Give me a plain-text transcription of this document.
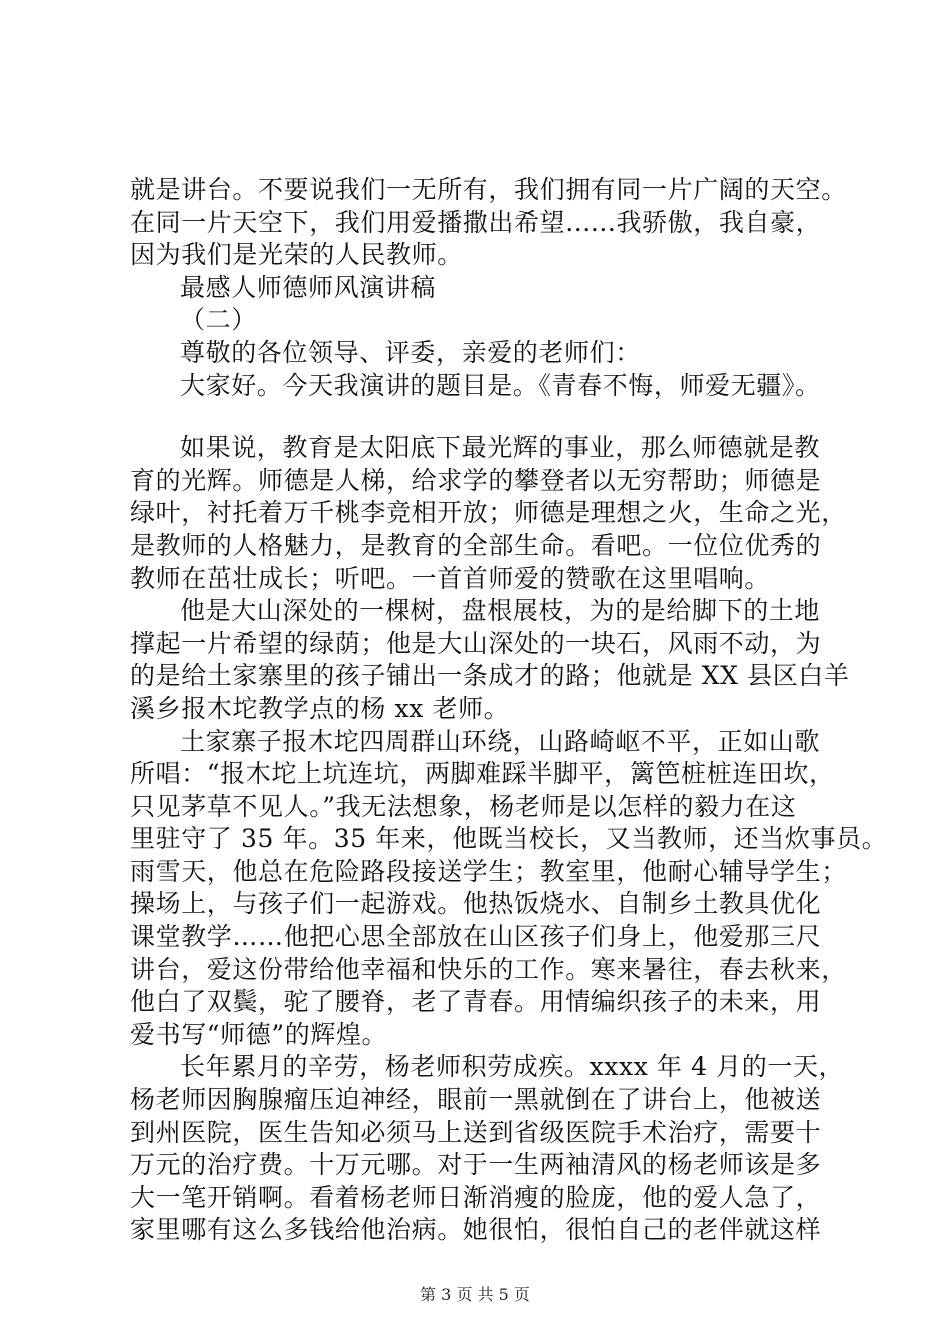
就是讲台。不要说我们一无所有，我们拥有同一片广阔的天空。
在同一片天空下，我们用爱播撒出希望......我骄傲，我自豪，
因为我们是光荣的人民教师。
最感人师德师风演讲稿
（二）
尊敬的各位领导、评委，亲爱的老师们：
大家好。今天我演讲的题目是。《青春不悔，师爱无疆》。
如果说，教育是太阳底下最光辉的事业，那么师德就是教
育的光辉。师德是人梯，给求学的攀登者以无穷帮助；师德是
绿叶，衬托着万千桃李竞相开放；师德是理想之火，生命之光，
是教师的人格魅力，是教育的全部生命。看吧。一位位优秀的
教师在茁壮成长；听吧。一首首师爱的赞歌在这里唱响。
他是大山深处的一棵树，盘根展枝，为的是给脚下的土地
撑起一片希望的绿荫；他是大山深处的一块石，风雨不动，为
的是给土家寨里的孩子铺出一条成才的路；他就是 XX 县区白羊
溪乡报木坨教学点的杨 xx 老师。
土家寨子报木坨四周群山环绕，山路崎岖不平，正如山歌
所唱：“报木坨上坑连坑，两脚难踩半脚平，篱笆桩桩连田坎，
只见茅草不见人。”我无法想象，杨老师是以怎样的毅力在这
里驻守了 35 年。35 年来，他既当校长，又当教师，还当炊事员。
雨雪天，他总在危险路段接送学生；教室里，他耐心辅导学生；
操场上，与孩子们一起游戏。他热饭烧水、自制乡土教具优化
课堂教学……他把心思全部放在山区孩子们身上，他爱那三尺
讲台，爱这份带给他幸福和快乐的工作。寒来暑往，春去秋来，
他白了双鬓，驼了腰脊，老了青春。用情编织孩子的未来，用
爱书写“师德”的辉煌。
长年累月的辛劳，杨老师积劳成疾。xxxx 年 4 月的一天，
杨老师因胸腺瘤压迫神经，眼前一黑就倒在了讲台上，他被送
到州医院，医生告知必须马上送到省级医院手术治疗，需要十
万元的治疗费。十万元哪。对于一生两袖清风的杨老师该是多
大一笔开销啊。看着杨老师日渐消瘦的脸庞，他的爱人急了，
家里哪有这么多钱给他治病。她很怕，很怕自己的老伴就这样
第 3 页 共 5 页
